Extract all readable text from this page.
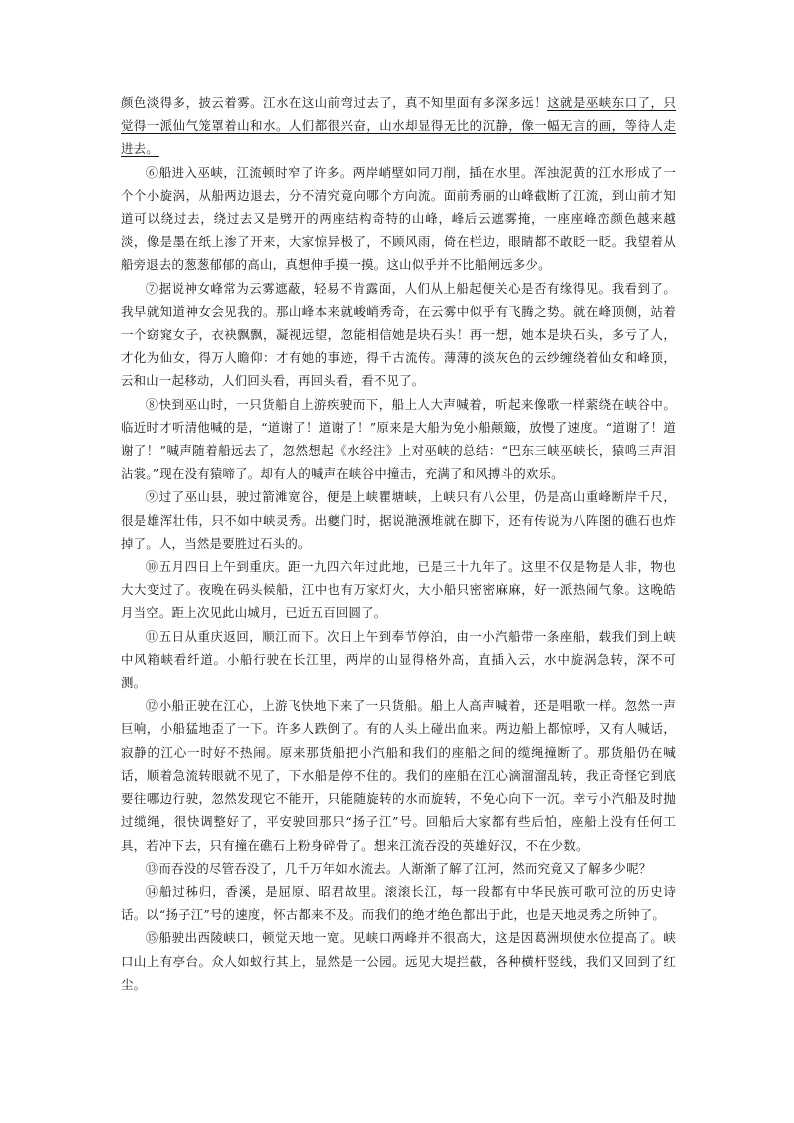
颜色淡得多，披云着雾。江水在这山前弯过去了，真不知里面有多深多远！这就是巫峡东口了，只觉得一派仙气笼罩着山和水。人们都很兴奋，山水却显得无比的沉静，像一幅无言的画，等待人走进去。

⑥船进入巫峡，江流顿时窄了许多。两岸峭壁如同刀削，插在水里。浑浊泥黄的江水形成了一个个小旋涡，从船两边退去，分不清究竟向哪个方向流。面前秀丽的山峰截断了江流，到山前才知道可以绕过去，绕过去又是劈开的两座结构奇特的山峰，峰后云遮雾掩，一座座峰峦颜色越来越淡，像是墨在纸上渗了开来，大家惊异极了，不顾风雨，倚在栏边，眼睛都不敢眨一眨。我望着从船旁退去的葱葱郁郁的高山，真想伸手摸一摸。这山似乎并不比船闸远多少。

⑦据说神女峰常为云雾遮蔽，轻易不肯露面，人们从上船起便关心是否有缘得见。我看到了。我早就知道神女会见我的。那山峰本来就峻峭秀奇，在云雾中似乎有飞腾之势。就在峰顶侧，站着一个窈窕女子，衣袂飘飘，凝视远望，忽能相信她是块石头！再一想，她本是块石头，多亏了人，才化为仙女，得万人瞻仰：才有她的事迹，得千古流传。薄薄的淡灰色的云纱缠绕着仙女和峰顶，云和山一起移动，人们回头看，再回头看，看不见了。

⑧快到巫山时，一只货船自上游疾驶而下，船上人大声喊着，听起来像歌一样萦绕在峡谷中。临近时才听清他喊的是，“道谢了！道谢了！”原来是大船为免小船颠簸，放慢了速度。“道谢了！道谢了！”喊声随着船远去了，忽然想起《水经注》上对巫峡的总结：“巴东三峡巫峡长，猿鸣三声泪沾裳。”现在没有猿啼了。却有人的喊声在峡谷中撞击，充满了和风搏斗的欢乐。

⑨过了巫山县，驶过箭滩宽谷，便是上峡瞿塘峡，上峡只有八公里，仍是高山重峰断岸千尺，很是雄浑壮伟，只不如中峡灵秀。出夔门时，据说滟滪堆就在脚下，还有传说为八阵图的礁石也炸掉了。人，当然是要胜过石头的。

⑩五月四日上午到重庆。距一九四六年过此地，已是三十九年了。这里不仅是物是人非，物也大大变过了。夜晚在码头候船，江中也有万家灯火，大小船只密密麻麻，好一派热闹气象。这晚皓月当空。距上次见此山城月，已近五百回圆了。

⑪五日从重庆返回，顺江而下。次日上午到奉节停泊，由一小汽船带一条座船，载我们到上峡中风箱峡看纤道。小船行驶在长江里，两岸的山显得格外高，直插入云，水中旋涡急转，深不可测。

⑫小船正驶在江心，上游飞快地下来了一只货船。船上人高声喊着，还是唱歌一样。忽然一声巨响，小船猛地歪了一下。许多人跌倒了。有的人头上碰出血来。两边船上都惊呼，又有人喊话，寂静的江心一时好不热闹。原来那货船把小汽船和我们的座船之间的缆绳撞断了。那货船仍在喊话，顺着急流转眼就不见了，下水船是停不住的。我们的座船在江心滴溜溜乱转，我正奇怪它到底要往哪边行驶，忽然发现它不能开，只能随旋转的水而旋转，不免心向下一沉。幸亏小汽船及时抛过缆绳，很快调整好了，平安驶回那只“扬子江”号。回船后大家都有些后怕，座船上没有任何工具，若冲下去，只有撞在礁石上粉身碎骨了。想来江流吞没的英雄好汉，不在少数。

⑬而吞没的尽管吞没了，几千万年如水流去。人渐渐了解了江河，然而究竟又了解多少呢？

⑭船过秭归，香溪，是屈原、昭君故里。滚滚长江，每一段都有中华民族可歌可泣的历史诗话。以“扬子江”号的速度，怀古都来不及。而我们的绝才绝色都出于此，也是天地灵秀之所钟了。

⑮船驶出西陵峡口，顿觉天地一宽。见峡口两峰并不很高大，这是因葛洲坝使水位提高了。峡口山上有亭台。众人如蚁行其上，显然是一公园。远见大堤拦截，各种横杆竖线，我们又回到了红尘。
